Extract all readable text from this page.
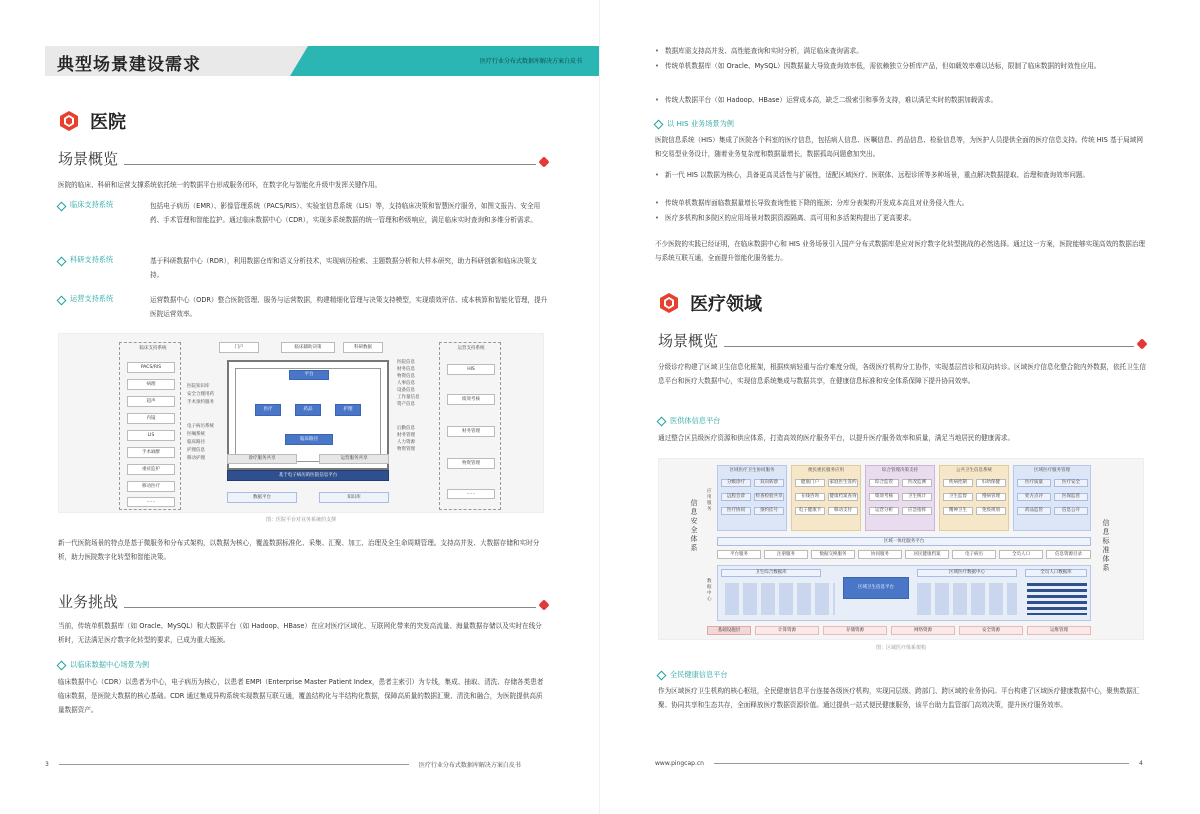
典型场景建设需求	医疗行业分布式数据库解决方案白皮书
医院
场景概览
医院的临床、科研和运营支撑系统依托统一的数据平台形成服务闭环，在数字化与智能化升级中发挥关键作用。
临床支持系统	包括电子病历（EMR）、影像管理系统（PACS/RIS）、实验室信息系统（LIS）等，支持临床决策和智慧医疗服务，如图文报告、安全用药、手术管理和智能监护。通过临床数据中心（CDR），实现多系统数据的统一管理和秒级响应，满足临床实时查询和多维分析需求。
科研支持系统	基于科研数据中心（RDR），利用数据仓库和语义分析技术，实现病历检索、主题数据分析和大样本研究，助力科研创新和临床决策支持。
运营支持系统	运营数据中心（ODR）整合医院管理、服务与运营数据，构建精细化管理与决策支持模型，实现绩效评估、成本核算和智能化管理，提升医院运营效率。
临床支持系统
PACS/RIS
病理
超声
内镜
LIS
手术麻醉
重症监护
移动医疗
……
门户	临床辅助决策	科研数据
医院知识库
安全合理用药
手术预约服务
电子病历系统
医嘱系统
临床路径
护理信息
移动护理
平台
医疗	药品	护理
临床路径
医院信息
财务信息
物资信息
人事信息
设备信息
工作量信息
资产信息
后勤信息
财务管理
人力资源
物资管理
运营支持系统
HIS
绩效考核
财务管理
物资管理
……
诊疗服务共享	运营服务共享
基于电子病历的医院信息平台
数据平台	知识库
图：医院平台对业务系统的支撑
新一代医院场景的特点是基于微服务和分布式架构，以数据为核心，覆盖数据标准化、采集、汇聚、加工、治理及全生命周期管理。支持高并发、大数据存储和实时分析，助力医院数字化转型和智能决策。
业务挑战
当前，传统单机数据库（如 Oracle、MySQL）和大数据平台（如 Hadoop、HBase）在应对医疗区域化、互联网化带来的突发高流量、海量数据存储以及实时在线分析时，无法满足医疗数字化转型的要求，已成为重大瓶颈。
以临床数据中心场景为例
临床数据中心（CDR）以患者为中心，电子病历为核心，以患者 EMPI（Enterprise Master Patient Index，患者主索引）为专线，集成、抽取、清洗、存储各类患者临床数据，是医院大数据的核心基础。CDR 通过集成异构系统实现数据互联互通，覆盖结构化与半结构化数据，保障高质量的数据汇聚、清洗和融合，为医院提供高质量数据资产。
3	医疗行业分布式数据库解决方案白皮书
• 数据库需支持高并发、高性能查询和实时分析，满足临床查询需求。
• 传统单机数据库（如 Oracle、MySQL）因数据量大导致查询效率低，需依赖独立分析库产品，但如载效率难以达标，限制了临床数据的时效性应用。
• 传统大数据平台（如 Hadoop、HBase）运营成本高，缺乏二级索引和事务支持，难以满足实时的数据加载需求。
以 HIS 业务场景为例
医院信息系统（HIS）集成了医院各个科室的医疗信息，包括病人信息、医嘱信息、药品信息、检验信息等，为医护人员提供全面的医疗信息支持。传统 HIS 基于局域网和交易型业务设计，随着业务复杂度和数据量增长，数据孤岛问题愈加突出。
• 新一代 HIS 以数据为核心，具备更高灵活性与扩展性，适配区域医疗、医联体、远程诊所等多种场景，重点解决数据提取、治理和查询效率问题。
• 传统单机数据库面临数据量增长导致查询性能下降的瓶颈；分库分表架构开发成本高且对业务侵入性大。
• 医疗多机构和多院区的应用场景对数据资源隔离、高可用和多活架构提出了更高要求。
不少医院的实践已经证明，在临床数据中心和 HIS 业务场景引入国产分布式数据库是应对医疗数字化转型挑战的必然选择。通过这一方案，医院能够实现高效的数据治理与系统互联互通，全面提升智能化服务能力。
医疗领域
场景概览
分级诊疗构建了区域卫生信息化框架，根据疾病轻重与治疗难度分级，各级医疗机构分工协作，实现基层首诊和双向转诊。区域医疗信息化整合院内外数据，依托卫生信息平台和医疗大数据中心，实现信息系统集成与数据共享，在健康信息标准和安全体系保障下提升协同效率。
医供体信息平台
通过整合区县级医疗资源和供应体系，打造高效的医疗服务平台，以提升医疗服务效率和质量，满足当地居民的健康需求。
信息安全体系	信息标准体系
应用服务
区域医疗卫生协同服务
分级诊疗	双向转诊
远程会诊	检查检验共享
医疗协同	预约挂号
便民惠民服务应用
健康门户	家庭医生签约
在线咨询	健康档案查询
电子健康卡	移动支付
综合管理决策支持
综合监管	医改监测
绩效考核	卫生统计
运营分析	应急指挥
公共卫生信息系统
疾病控制	妇幼保健
卫生监督	慢病管理
精神卫生	免疫规划
区域医疗服务管理
医疗质量	医疗安全
处方点评	医保监管
药品监管	信息公开
区域一体化服务平台
平台服务	注册服务	数据交换服务	协同服务	居民健康档案	电子病历	全员人口	信息资源目录
数据中心
卫生综合数据库	区域医疗数据中心	全员人口数据库
区域卫生信息平台
基础设施层	计算资源	存储资源	网络资源	安全资源	运维管理
图：区域医疗体系架构
全民健康信息平台
作为区域医疗卫生机构的核心枢纽，全民健康信息平台连接各级医疗机构，实现同层级、跨部门、跨区域的业务协同。平台构建了区域医疗健康数据中心，聚焦数据汇聚、协同共享和生态共存，全面释放医疗数据资源价值。通过提供一站式便民健康服务，该平台助力监管部门高效决策，提升医疗服务效率。
www.pingcap.cn	4
